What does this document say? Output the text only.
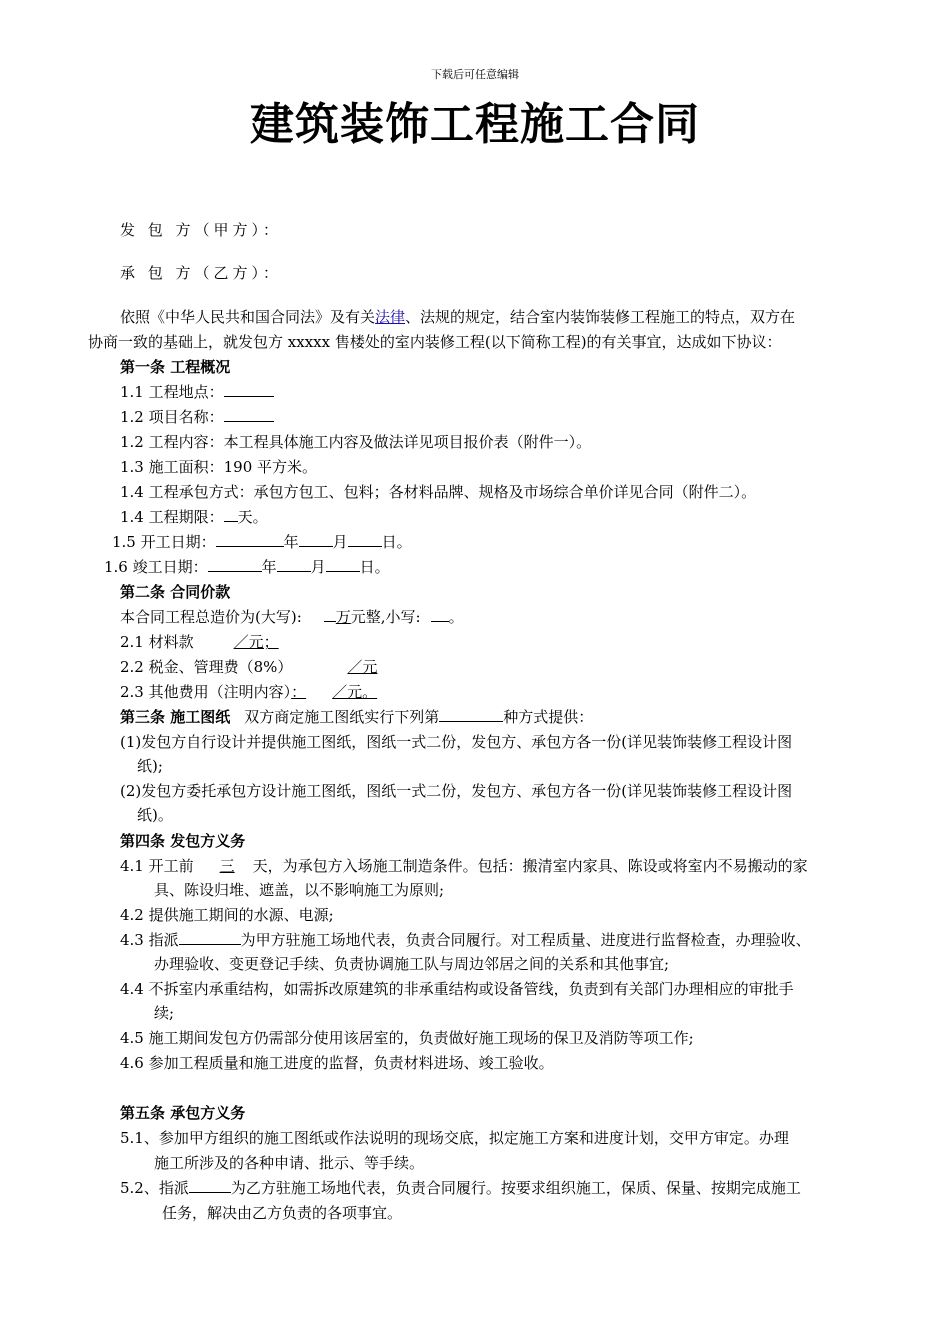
下载后可任意编辑
建筑装饰工程施工合同
发 包 方（甲方）：
承 包 方（乙方）：
依照《中华人民共和国合同法》及有关法律、法规的规定，结合室内装饰装修工程施工的特点，双方在
协商一致的基础上，就发包方 xxxxx 售楼处的室内装修工程(以下简称工程)的有关事宜，达成如下协议：
第一条 工程概况
1.1 工程地点：
1.2 项目名称：
1.2 工程内容：本工程具体施工内容及做法详见项目报价表（附件一）。
1.3 施工面积：190 平方米。
1.4 工程承包方式：承包方包工、包料；各材料品牌、规格及市场综合单价详见合同（附件二）。
1.4 工程期限： 天。
1.5 开工日期：	年 月 日。
1.6 竣工日期：	年 月 日。
第二条 合同价款
本合同工程总造价为(大写): 万元整,小写: 。
2.1 材料款	／元；
2.2 税金、管理费（8%）	／元
2.3 其他费用（注明内容）： ／元。
第三条 施工图纸 双方商定施工图纸实行下列第	种方式提供：
(1)发包方自行设计并提供施工图纸，图纸一式二份，发包方、承包方各一份(详见装饰装修工程设计图
纸);
(2)发包方委托承包方设计施工图纸，图纸一式二份，发包方、承包方各一份(详见装饰装修工程设计图
纸)。
第四条 发包方义务
4.1 开工前 三 天，为承包方入场施工制造条件。包括：搬清室内家具、陈设或将室内不易搬动的家
具、陈设归堆、遮盖，以不影响施工为原则;
4.2 提供施工期间的水源、电源;
4.3 指派	为甲方驻施工场地代表，负责合同履行。对工程质量、进度进行监督检查，办理验收、
办理验收、变更登记手续、负责协调施工队与周边邻居之间的关系和其他事宜;
4.4 不拆室内承重结构，如需拆改原建筑的非承重结构或设备管线，负责到有关部门办理相应的审批手
续;
4.5 施工期间发包方仍需部分使用该居室的，负责做好施工现场的保卫及消防等项工作;
4.6 参加工程质量和施工进度的监督，负责材料进场、竣工验收。
第五条 承包方义务
5.1、参加甲方组织的施工图纸或作法说明的现场交底，拟定施工方案和进度计划，交甲方审定。办理
施工所涉及的各种申请、批示、等手续。
5.2、指派	为乙方驻施工场地代表，负责合同履行。按要求组织施工，保质、保量、按期完成施工
任务，解决由乙方负责的各项事宜。
